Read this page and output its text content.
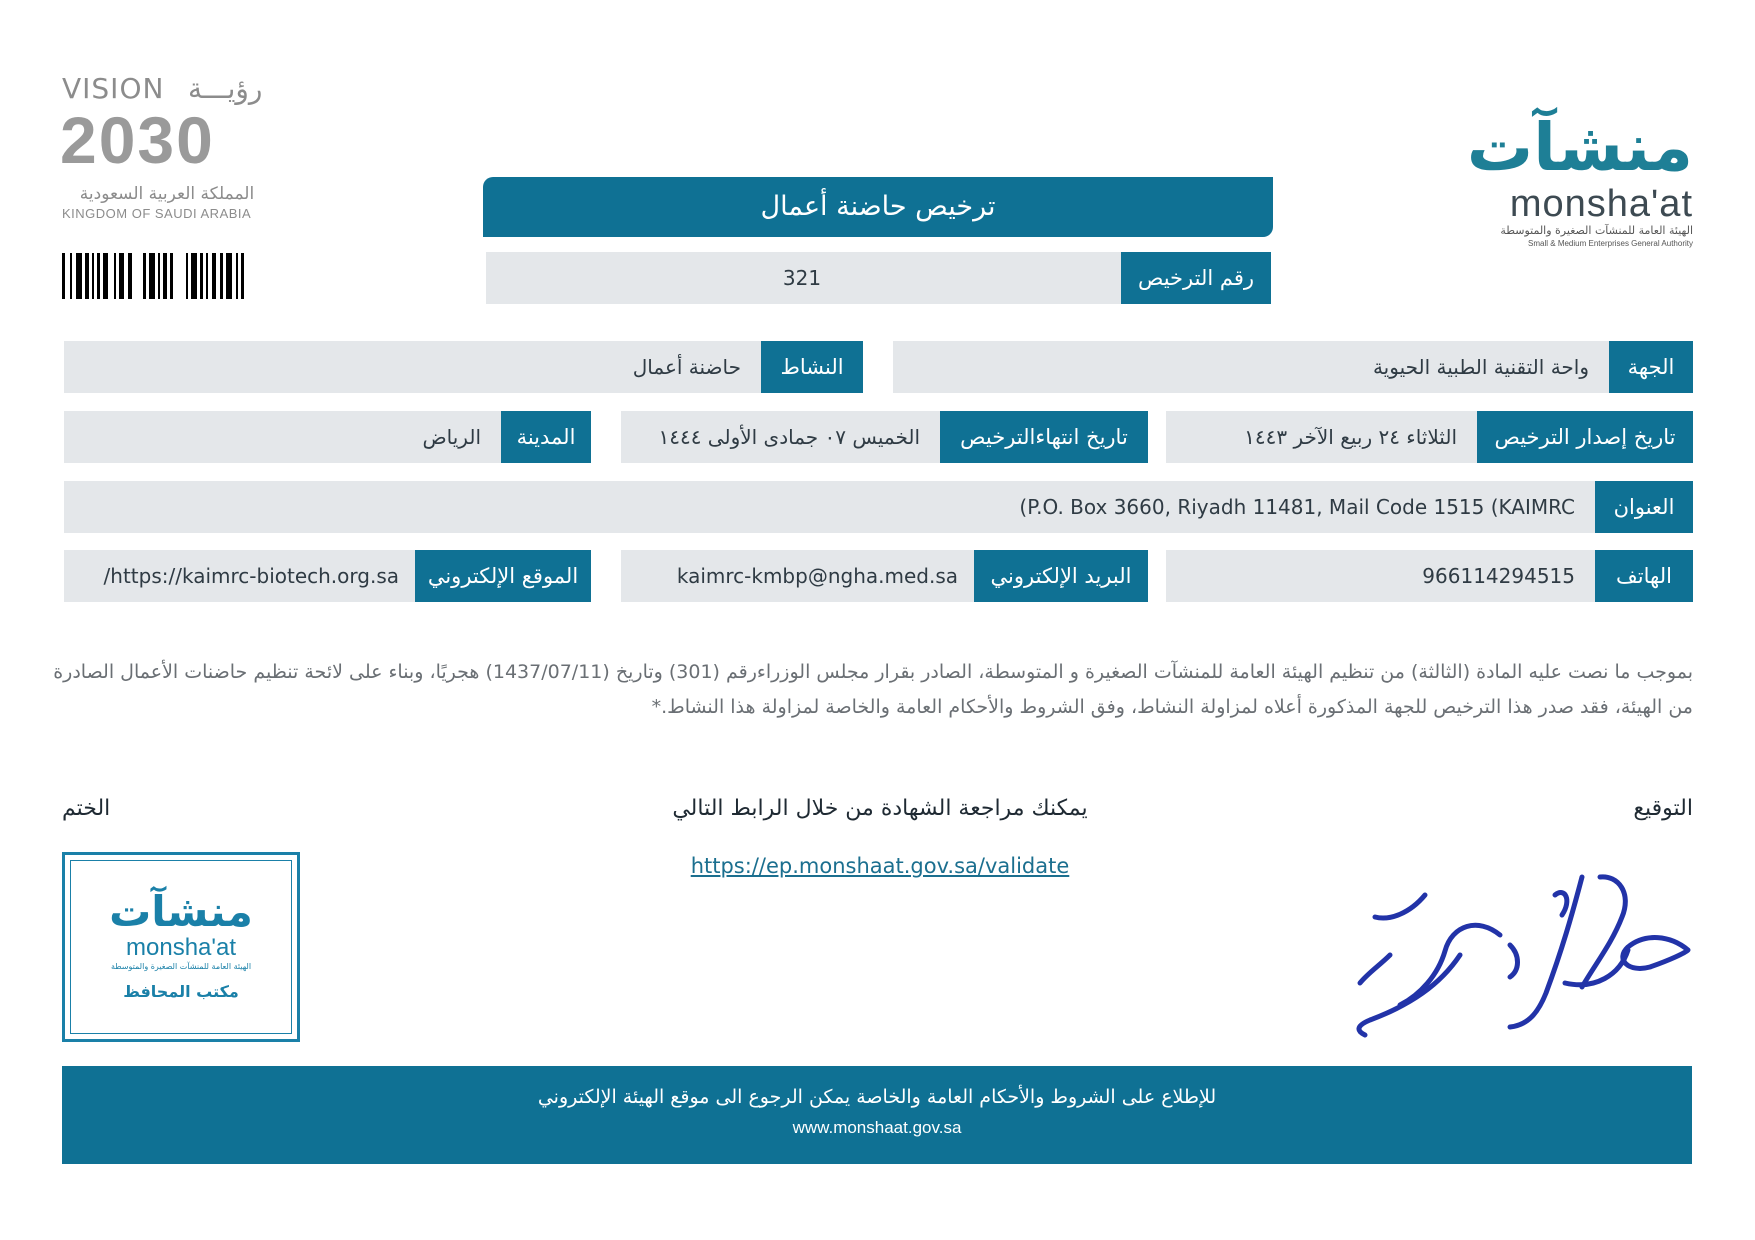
VISION رؤيـــة
2030
المملكة العربية السعودية
KINGDOM OF SAUDI ARABIA
منشآت
monsha'at
الهيئة العامة للمنشآت الصغيرة والمتوسطة
Small & Medium Enterprises General Authority
ترخيص حاضنة أعمال
رقم الترخيص
321
الجهة
واحة التقنية الطبية الحيوية
النشاط
حاضنة أعمال
تاريخ إصدار الترخيص
الثلاثاء ٢٤ ربيع الآخر ١٤٤٣
تاريخ انتهاءالترخيص
الخميس ٠٧ جمادى الأولى ١٤٤٤
المدينة
الرياض
العنوان
(P.O. Box 3660, Riyadh 11481, Mail Code 1515 (KAIMRC
الهاتف
966114294515
البريد الإلكتروني
kaimrc-kmbp@ngha.med.sa
الموقع الإلكتروني
/https://kaimrc-biotech.org.sa
بموجب ما نصت عليه المادة (الثالثة) من تنظيم الهيئة العامة للمنشآت الصغيرة و المتوسطة، الصادر بقرار مجلس الوزراءرقم (301) وتاريخ (1437/07/11) هجريًا، وبناء على لائحة تنظيم حاضنات الأعمال الصادرة من الهيئة، فقد صدر هذا الترخيص للجهة المذكورة أعلاه لمزاولة النشاط، وفق الشروط والأحكام العامة والخاصة لمزاولة هذا النشاط.*
التوقيع
الختم	يمكنك مراجعة الشهادة من خلال الرابط التالي
https://ep.monshaat.gov.sa/validate
منشآت
monsha'at
الهيئة العامة للمنشآت الصغيرة والمتوسطة
مكتب المحافظ
للإطلاع على الشروط والأحكام العامة والخاصة يمكن الرجوع الى موقع الهيئة الإلكتروني
www.monshaat.gov.sa
